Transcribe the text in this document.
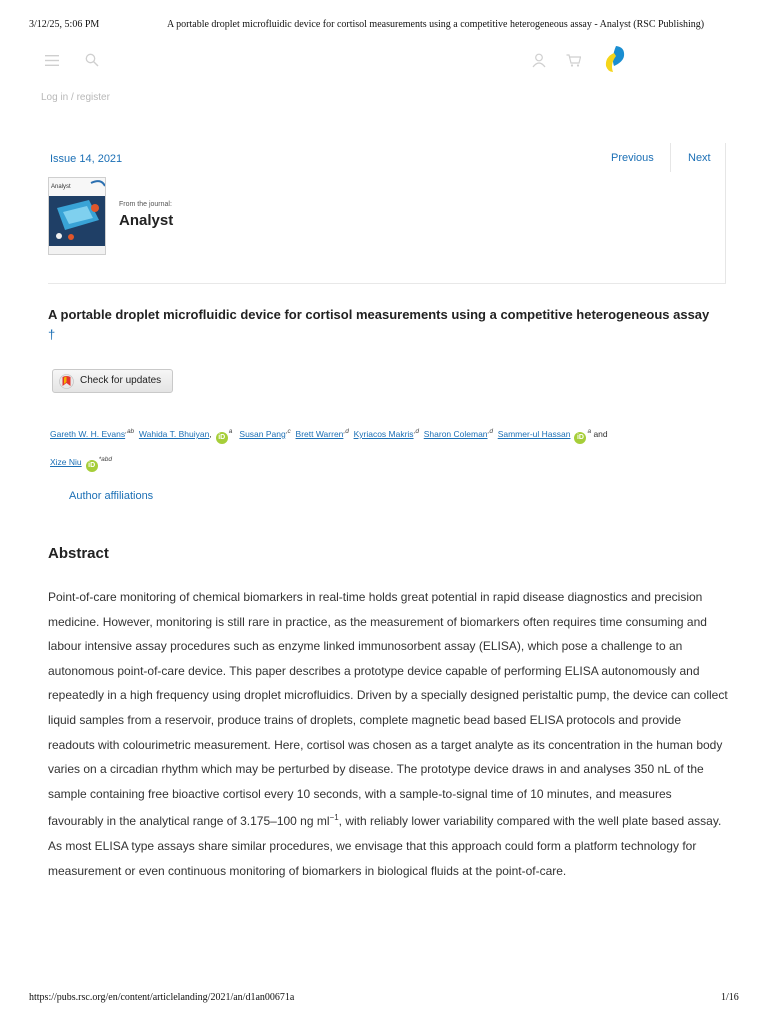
3/12/25, 5:06 PM	A portable droplet microfluidic device for cortisol measurements using a competitive heterogeneous assay - Analyst (RSC Publishing)
Log in / register
Issue 14, 2021	Previous	Next
Analyst
From the journal:
Analyst
A portable droplet microfluidic device for cortisol measurements using a competitive heterogeneous assay †
Check for updates
Gareth W. H. Evans$^{,ab}$ Wahida T. Bhuiyan, $iD^a$ Susan Pang$^{,c}$ Brett Warren$^{,d}$ Kyriacos Makris$^{,d}$ Sharon Coleman$^{,d}$ Sammer-ul Hassan $iD^a$ and
Xize Niu $iD^{*abd}$
Author affiliations
Abstract

Point-of-care monitoring of chemical biomarkers in real-time holds great potential in rapid disease diagnostics and precision medicine. However, monitoring is still rare in practice, as the measurement of biomarkers often requires time consuming and labour intensive assay procedures such as enzyme linked immunosorbent assay (ELISA), which pose a challenge to an autonomous point-of-care device. This paper describes a prototype device capable of performing ELISA autonomously and repeatedly in a high frequency using droplet microfluidics. Driven by a specially designed peristaltic pump, the device can collect liquid samples from a reservoir, produce trains of droplets, complete magnetic bead based ELISA protocols and provide readouts with colourimetric measurement. Here, cortisol was chosen as a target analyte as its concentration in the human body varies on a circadian rhythm which may be perturbed by disease. The prototype device draws in and analyses 350 nL of the sample containing free bioactive cortisol every 10 seconds, with a sample-to-signal time of 10 minutes, and measures favourably in the analytical range of 3.175–100 ng $ml^{-1}$, with reliably lower variability compared with the well plate based assay. As most ELISA type assays share similar procedures, we envisage that this approach could form a platform technology for measurement or even continuous monitoring of biomarkers in biological fluids at the point-of-care.

https://pubs.rsc.org/en/content/articlelanding/2021/an/d1an00671a	1/16
